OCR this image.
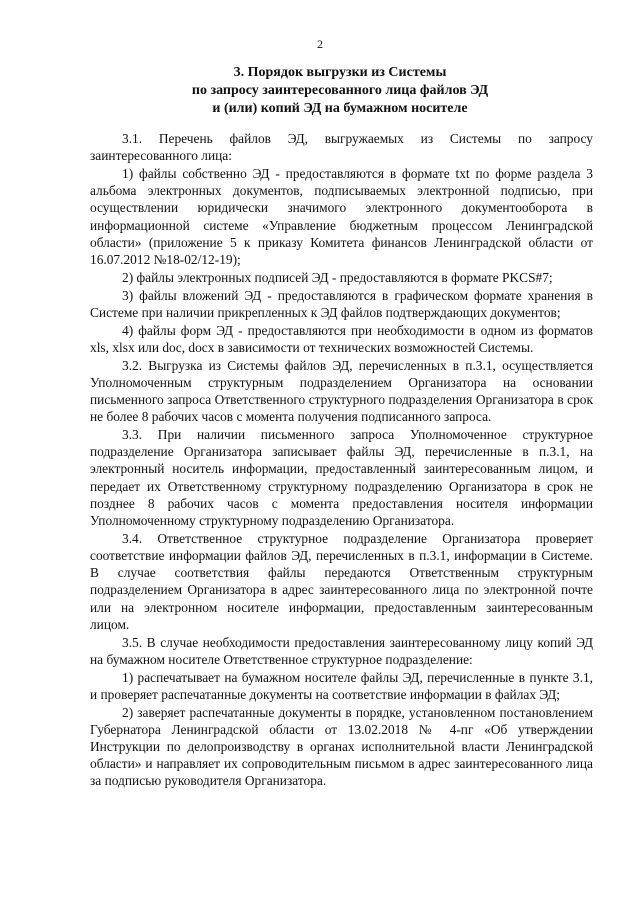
2
3. Порядок выгрузки из Системы
по запросу заинтересованного лица файлов ЭД
и (или) копий ЭД на бумажном носителе

3.1. Перечень файлов ЭД, выгружаемых из Системы по запросу заинтересованного лица:

1) файлы собственно ЭД - предоставляются в формате txt по форме раздела 3 альбома электронных документов, подписываемых электронной подписью, при осуществлении юридически значимого электронного документооборота в информационной системе «Управление бюджетным процессом Ленинградской области» (приложение 5 к приказу Комитета финансов Ленинградской области от 16.07.2012 №18-02/12-19);

2) файлы электронных подписей ЭД - предоставляются в формате PKCS#7;

3) файлы вложений ЭД - предоставляются в графическом формате хранения в Системе при наличии прикрепленных к ЭД файлов подтверждающих документов;

4) файлы форм ЭД - предоставляются при необходимости в одном из форматов xls, xlsx или doc, docx в зависимости от технических возможностей Системы.

3.2. Выгрузка из Системы файлов ЭД, перечисленных в п.3.1, осуществляется Уполномоченным структурным подразделением Организатора на основании письменного запроса Ответственного структурного подразделения Организатора в срок не более 8 рабочих часов с момента получения подписанного запроса.

3.3. При наличии письменного запроса Уполномоченное структурное подразделение Организатора записывает файлы ЭД, перечисленные в п.3.1, на электронный носитель информации, предоставленный заинтересованным лицом, и передает их Ответственному структурному подразделению Организатора в срок не позднее 8 рабочих часов с момента предоставления носителя информации Уполномоченному структурному подразделению Организатора.

3.4. Ответственное структурное подразделение Организатора проверяет соответствие информации файлов ЭД, перечисленных в п.3.1, информации в Системе. В случае соответствия файлы передаются Ответственным структурным подразделением Организатора в адрес заинтересованного лица по электронной почте или на электронном носителе информации, предоставленным заинтересованным лицом.

3.5. В случае необходимости предоставления заинтересованному лицу копий ЭД на бумажном носителе Ответственное структурное подразделение:

1) распечатывает на бумажном носителе файлы ЭД, перечисленные в пункте 3.1, и проверяет распечатанные документы на соответствие информации в файлах ЭД;

2) заверяет распечатанные документы в порядке, установленном постановлением Губернатора Ленинградской области от 13.02.2018 № 4-пг «Об утверждении Инструкции по делопроизводству в органах исполнительной власти Ленинградской области» и направляет их сопроводительным письмом в адрес заинтересованного лица за подписью руководителя Организатора.
